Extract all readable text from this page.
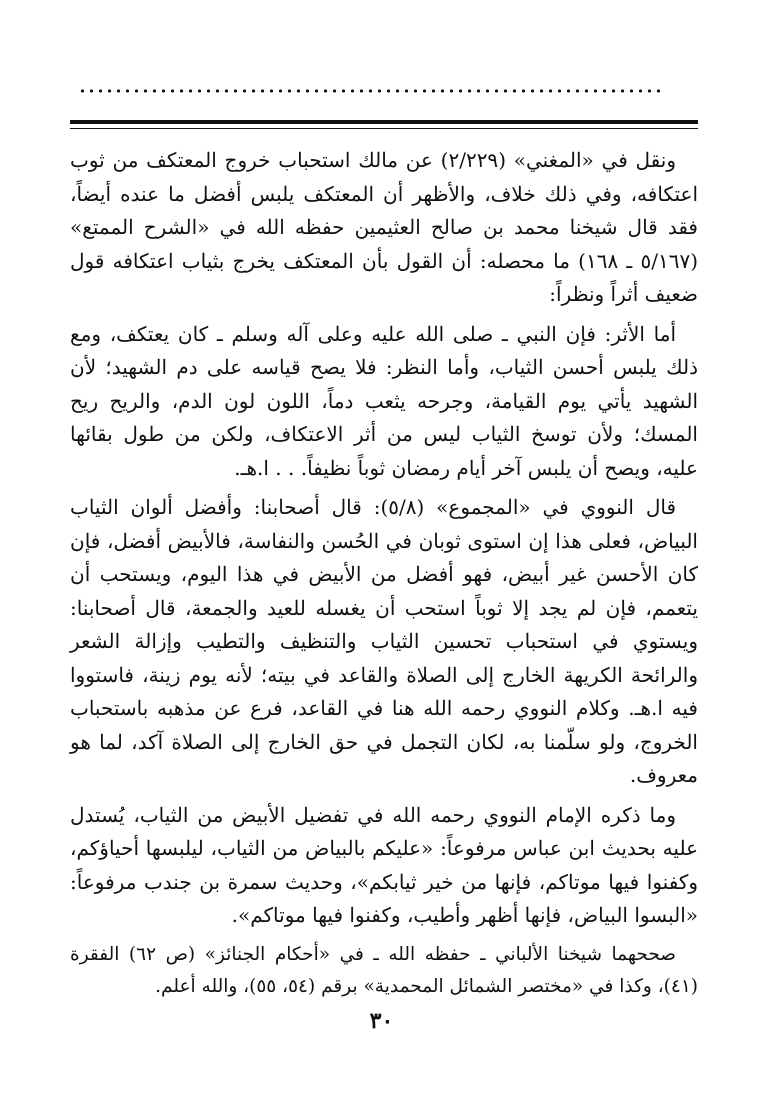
ونقل في «المغني» (٢/٢٢٩) عن مالك استحباب خروج المعتكف من ثوب اعتكافه، وفي ذلك خلاف، والأظهر أن المعتكف يلبس أفضل ما عنده أيضاً، فقد قال شيخنا محمد بن صالح العثيمين حفظه الله في «الشرح الممتع» (٥/١٦٧ ـ ١٦٨) ما محصله: أن القول بأن المعتكف يخرج بثياب اعتكافه قول ضعيف أثراً ونظراً:

أما الأثر: فإن النبي ـ صلى الله عليه وعلى آله وسلم ـ كان يعتكف، ومع ذلك يلبس أحسن الثياب، وأما النظر: فلا يصح قياسه على دم الشهيد؛ لأن الشهيد يأتي يوم القيامة، وجرحه يثعب دماً، اللون لون الدم، والريح ريح المسك؛ ولأن توسخ الثياب ليس من أثر الاعتكاف، ولكن من طول بقائها عليه، ويصح أن يلبس آخر أيام رمضان ثوباً نظيفاً. . . ا.هـ.

قال النووي في «المجموع» (٥/٨): قال أصحابنا: وأفضل ألوان الثياب البياض، فعلى هذا إن استوى ثوبان في الحُسن والنفاسة، فالأبيض أفضل، فإن كان الأحسن غير أبيض، فهو أفضل من الأبيض في هذا اليوم، ويستحب أن يتعمم، فإن لم يجد إلا ثوباً استحب أن يغسله للعيد والجمعة، قال أصحابنا: ويستوي في استحباب تحسين الثياب والتنظيف والتطيب وإزالة الشعر والرائحة الكريهة الخارج إلى الصلاة والقاعد في بيته؛ لأنه يوم زينة، فاستووا فيه ا.هـ. وكلام النووي رحمه الله هنا في القاعد، فرع عن مذهبه باستحباب الخروج، ولو سلّمنا به، لكان التجمل في حق الخارج إلى الصلاة آكد، لما هو معروف.

وما ذكره الإمام النووي رحمه الله في تفضيل الأبيض من الثياب، يُستدل عليه بحديث ابن عباس مرفوعاً: «عليكم بالبياض من الثياب، ليلبسها أحياؤكم، وكفنوا فيها موتاكم، فإنها من خير ثيابكم»، وحديث سمرة بن جندب مرفوعاً: «البسوا البياض، فإنها أظهر وأطيب، وكفنوا فيها موتاكم».

صححهما شيخنا الألباني ـ حفظه الله ـ في «أحكام الجنائز» (ص ٦٢) الفقرة (٤١)، وكذا في «مختصر الشمائل المحمدية» برقم (٥٤، ٥٥)، والله أعلم.

٣٠
